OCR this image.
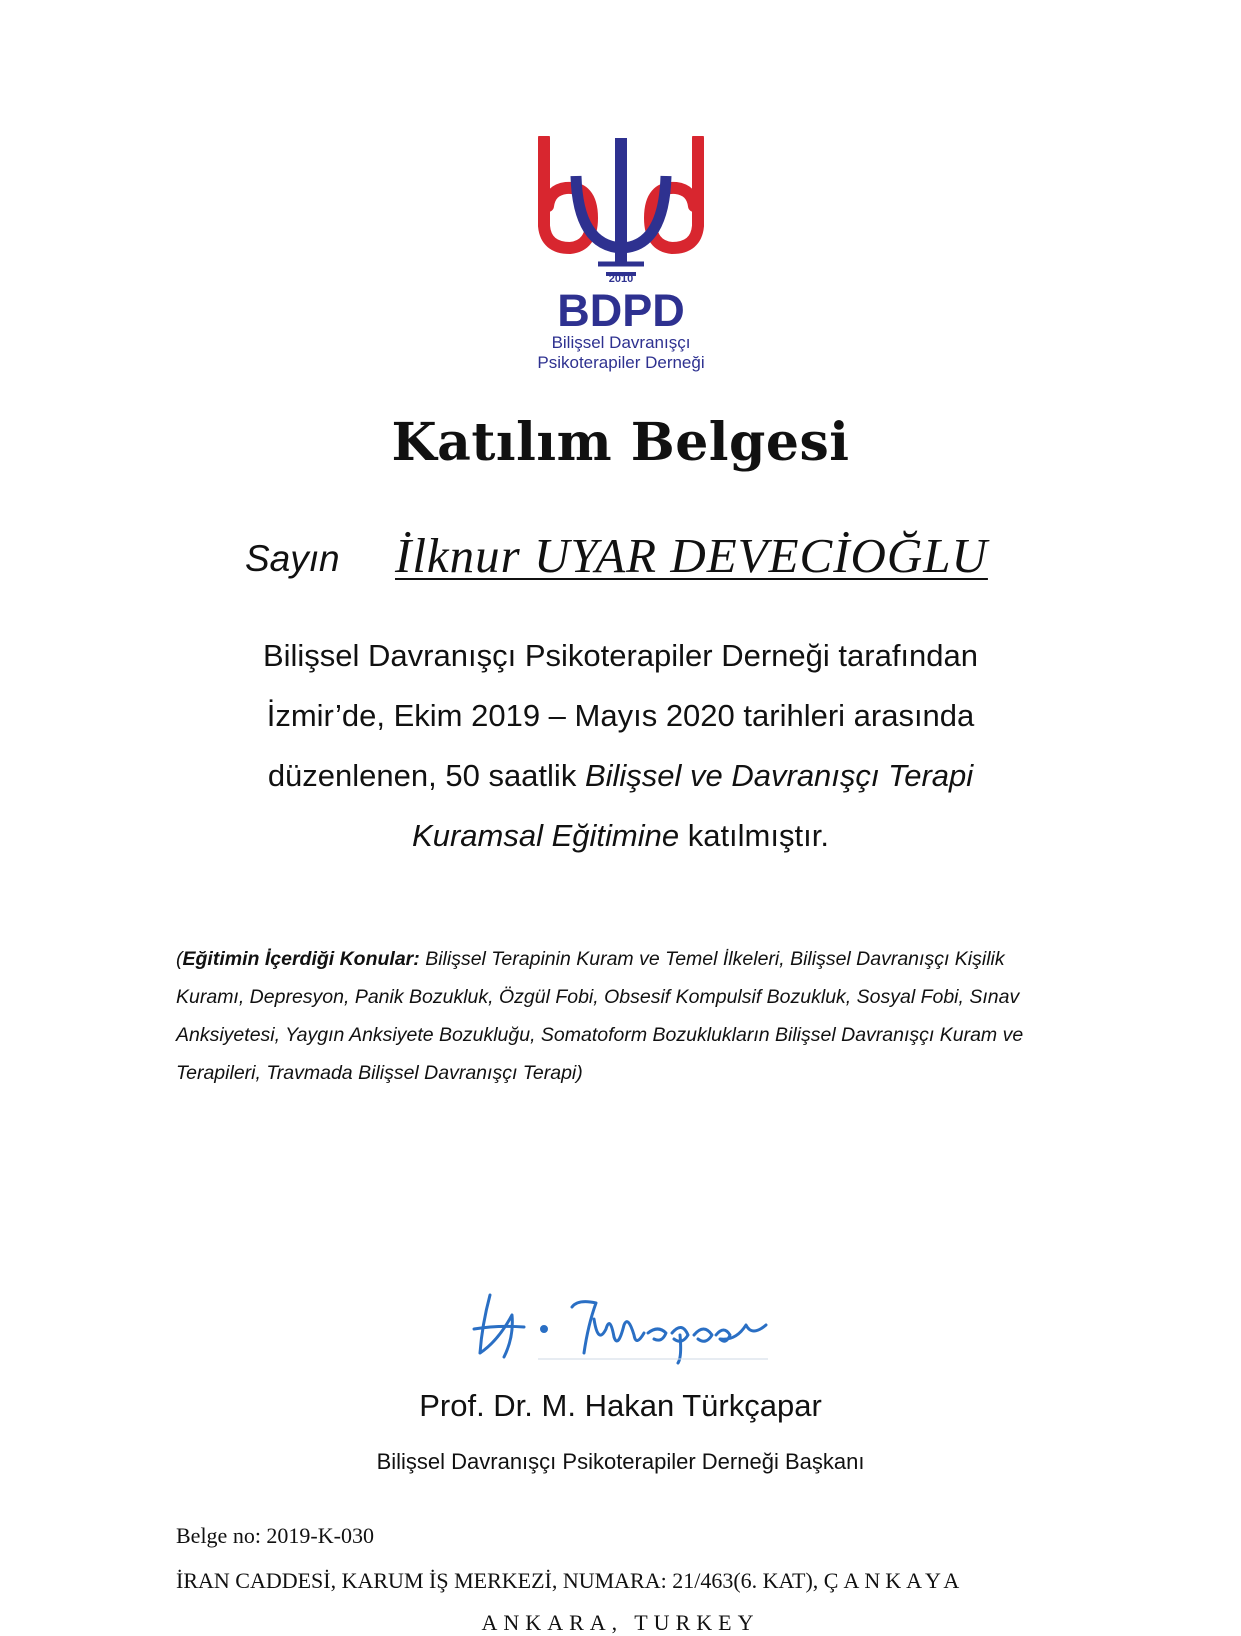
2010
BDPD
Bilişsel Davranışçı
Psikoterapiler Derneği
Katılım Belgesi
Sayın İlknur UYAR DEVECİOĞLU
Bilişsel Davranışçı Psikoterapiler Derneği tarafından
İzmir’de, Ekim 2019 – Mayıs 2020 tarihleri arasında
düzenlenen, 50 saatlik Bilişsel ve Davranışçı Terapi
Kuramsal Eğitimine katılmıştır.
(Eğitimin İçerdiği Konular: Bilişsel Terapinin Kuram ve Temel İlkeleri, Bilişsel Davranışçı Kişilik Kuramı, Depresyon, Panik Bozukluk, Özgül Fobi, Obsesif Kompulsif Bozukluk, Sosyal Fobi, Sınav Anksiyetesi, Yaygın Anksiyete Bozukluğu, Somatoform Bozuklukların Bilişsel Davranışçı Kuram ve Terapileri, Travmada Bilişsel Davranışçı Terapi)
Prof. Dr. M. Hakan Türkçapar
Bilişsel Davranışçı Psikoterapiler Derneği Başkanı
Belge no: 2019-K-030
İRAN CADDESİ, KARUM İŞ MERKEZİ, NUMARA: 21/463(6. KAT), ÇANKAYA
ANKARA, TURKEY
